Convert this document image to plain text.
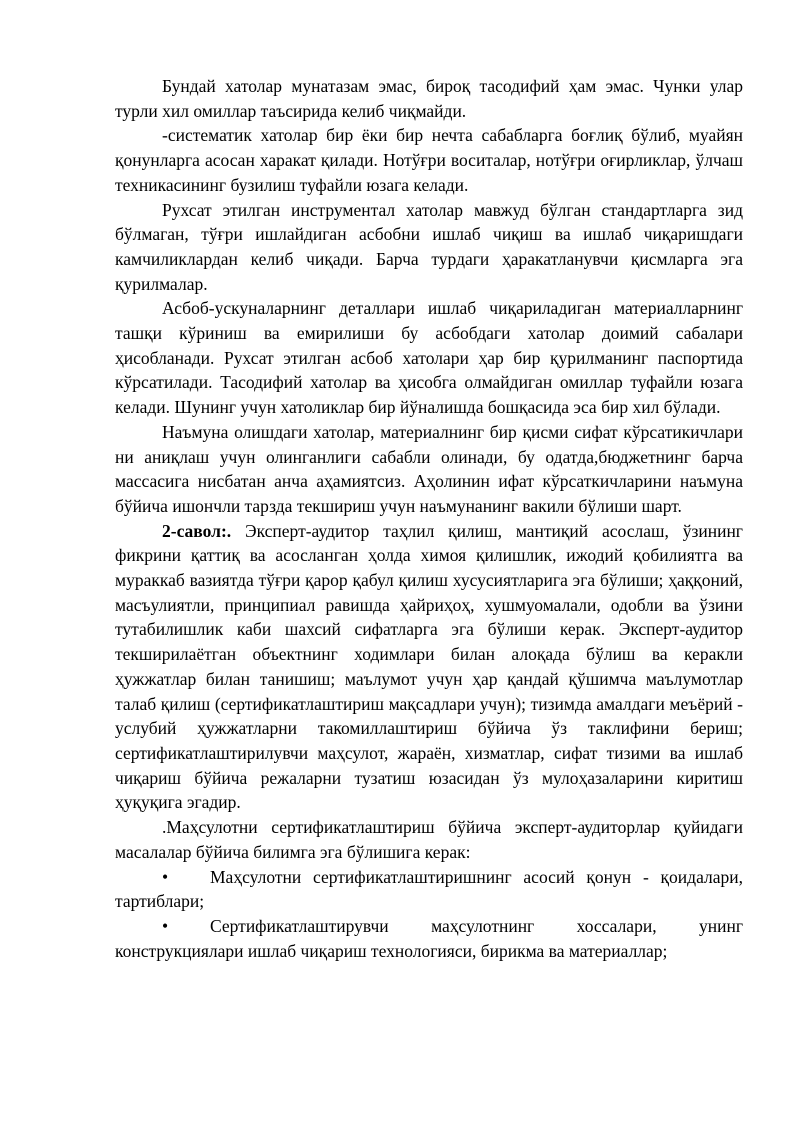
Бундай хатолар мунатазам эмас, бироқ тасодифий ҳам эмас. Чунки улар турли хил омиллар таъсирида келиб чиқмайди.

-систематик хатолар бир ёки бир нечта сабабларга боғлиқ бўлиб, муайян қонунларга асосан харакат қилади. Нотўғри воситалар, нотўғри оғирликлар, ўлчаш техникасининг бузилиш туфайли юзага келади.

Рухсат этилган инструментал хатолар мавжуд бўлган стандартларга зид бўлмаган, тўғри ишлайдиган асбобни ишлаб чиқиш ва ишлаб чиқаришдаги камчиликлардан келиб чиқади. Барча турдаги ҳаракатланувчи қисмларга эга қурилмалар.

Асбоб-ускуналарнинг деталлари ишлаб чиқариладиган материалларнинг ташқи кўриниш ва емирилиши бу асбобдаги хатолар доимий сабалари ҳисобланади. Рухсат этилган асбоб хатолари ҳар бир қурилманинг паспортида кўрсатилади. Тасодифий хатолар ва ҳисобга олмайдиган омиллар туфайли юзага келади. Шунинг учун хатоликлар бир йўналишда бошқасида эса бир хил бўлади.

Наъмуна олишдаги хатолар, материалнинг бир қисми сифат кўрсатикичлари ни аниқлаш учун олинганлиги сабабли олинади, бу одатда,бюджетнинг барча массасига нисбатан анча аҳамиятсиз. Аҳолинин ифат кўрсаткичларини наъмуна бўйича ишончли тарзда текшириш учун наъмунанинг вакили бўлиши шарт.

2-савол:. Эксперт-аудитор таҳлил қилиш, мантиқий асослаш, ўзининг фикрини қаттиқ ва асосланган ҳолда химоя қилишлик, ижодий қобилиятга ва мураккаб вазиятда тўғри қарор қабул қилиш хусусиятларига эга бўлиши; ҳаққоний, масъулиятли, принципиал равишда ҳайриҳоҳ, хушмуомалали, одобли ва ўзини тутабилишлик каби шахсий сифатларга эга бўлиши керак. Эксперт-аудитор текширилаётган объектнинг ходимлари билан алоқада бўлиш ва керакли ҳужжатлар билан танишиш; маълумот учун ҳар қандай қўшимча маълумотлар талаб қилиш (сертификатлаштириш мақсадлари учун); тизимда амалдаги меъёрий - услубий ҳужжатларни такомиллаштириш бўйича ўз таклифини бериш; сертификатлаштирилувчи маҳсулот, жараён, хизматлар, сифат тизими ва ишлаб чиқариш бўйича режаларни тузатиш юзасидан ўз мулоҳазаларини киритиш ҳуқуқига эгадир.

.Маҳсулотни сертификатлаштириш бўйича эксперт-аудиторлар қуйидаги масалалар бўйича билимга эга бўлишига керак:

• Маҳсулотни сертификатлаштиришнинг асосий қонун - қоидалари, тартиблари;

• Сертификатлаштирувчи маҳсулотнинг хоссалари, унинг конструкциялари ишлаб чиқариш технологияси, бирикма ва материаллар;
